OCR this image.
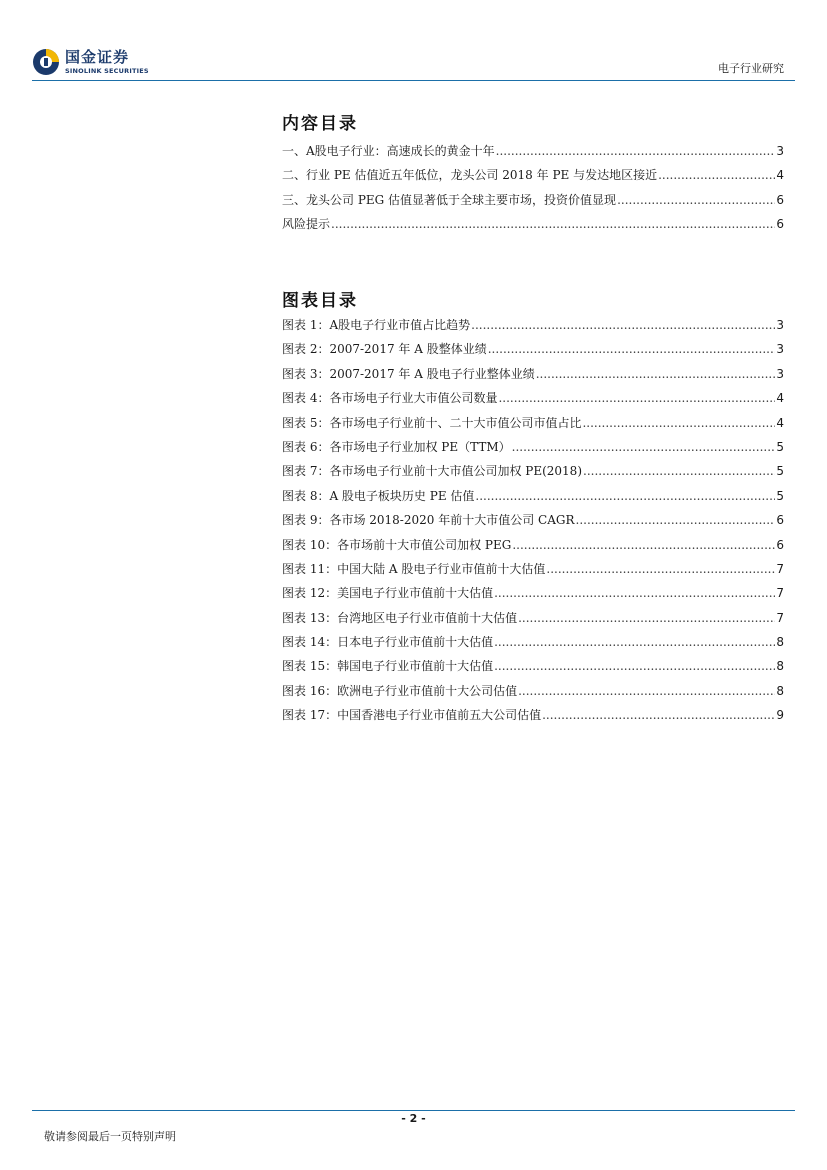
国金证券
SINOLINK SECURITIES	电子行业研究
内容目录
一、A股电子行业：高速成长的黄金十年 .....	3
二、行业 PE 估值近五年低位，龙头公司 2018 年 PE 与发达地区接近 .....	4
三、龙头公司 PEG 估值显著低于全球主要市场，投资价值显现 .....	6
风险提示 .....	6
图表目录
图表 1：A股电子行业市值占比趋势 .....	3
图表 2：2007-2017 年 A 股整体业绩 .....	3
图表 3：2007-2017 年 A 股电子行业整体业绩 .....	3
图表 4：各市场电子行业大市值公司数量 .....	4
图表 5：各市场电子行业前十、二十大市值公司市值占比 .....	4
图表 6：各市场电子行业加权 PE（TTM） .....	5
图表 7：各市场电子行业前十大市值公司加权 PE(2018) .....	5
图表 8：A 股电子板块历史 PE 估值 .....	5
图表 9：各市场 2018-2020 年前十大市值公司 CAGR .....	6
图表 10：各市场前十大市值公司加权 PEG .....	6
图表 11：中国大陆 A 股电子行业市值前十大估值 .....	7
图表 12：美国电子行业市值前十大估值 .....	7
图表 13：台湾地区电子行业市值前十大估值 .....	7
图表 14：日本电子行业市值前十大估值 .....	8
图表 15：韩国电子行业市值前十大估值 .....	8
图表 16：欧洲电子行业市值前十大公司估值 .....	8
图表 17：中国香港电子行业市值前五大公司估值 .....	9
- 2 -
敬请参阅最后一页特别声明
